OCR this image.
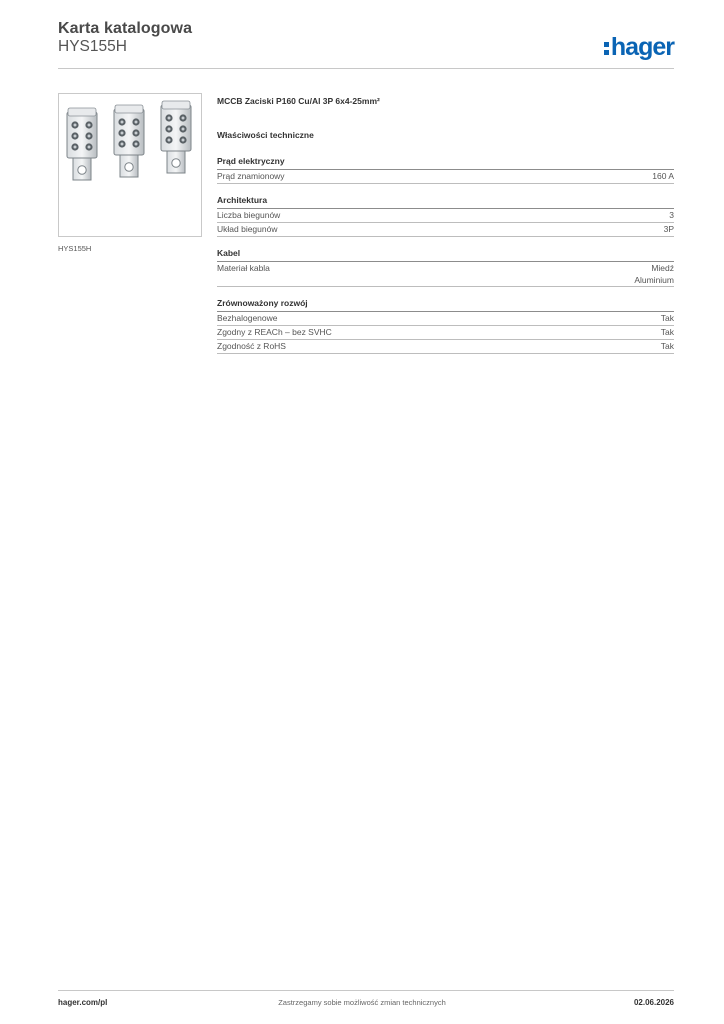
Karta katalogowa
HYS155H	hager
HYS155H
MCCB Zaciski P160 Cu/Al 3P 6x4-25mm²
Właściwości techniczne
Prąd elektryczny
Prąd znamionowy	160 A
Architektura
Liczba biegunów	3
Układ biegunów	3P
Kabel
Materiał kabla	Miedź
Aluminium
Zrównoważony rozwój
Bezhalogenowe	Tak
Zgodny z REACh – bez SVHC	Tak
Zgodność z RoHS	Tak
hager.com/pl	Zastrzegamy sobie możliwość zmian technicznych	02.06.2026
